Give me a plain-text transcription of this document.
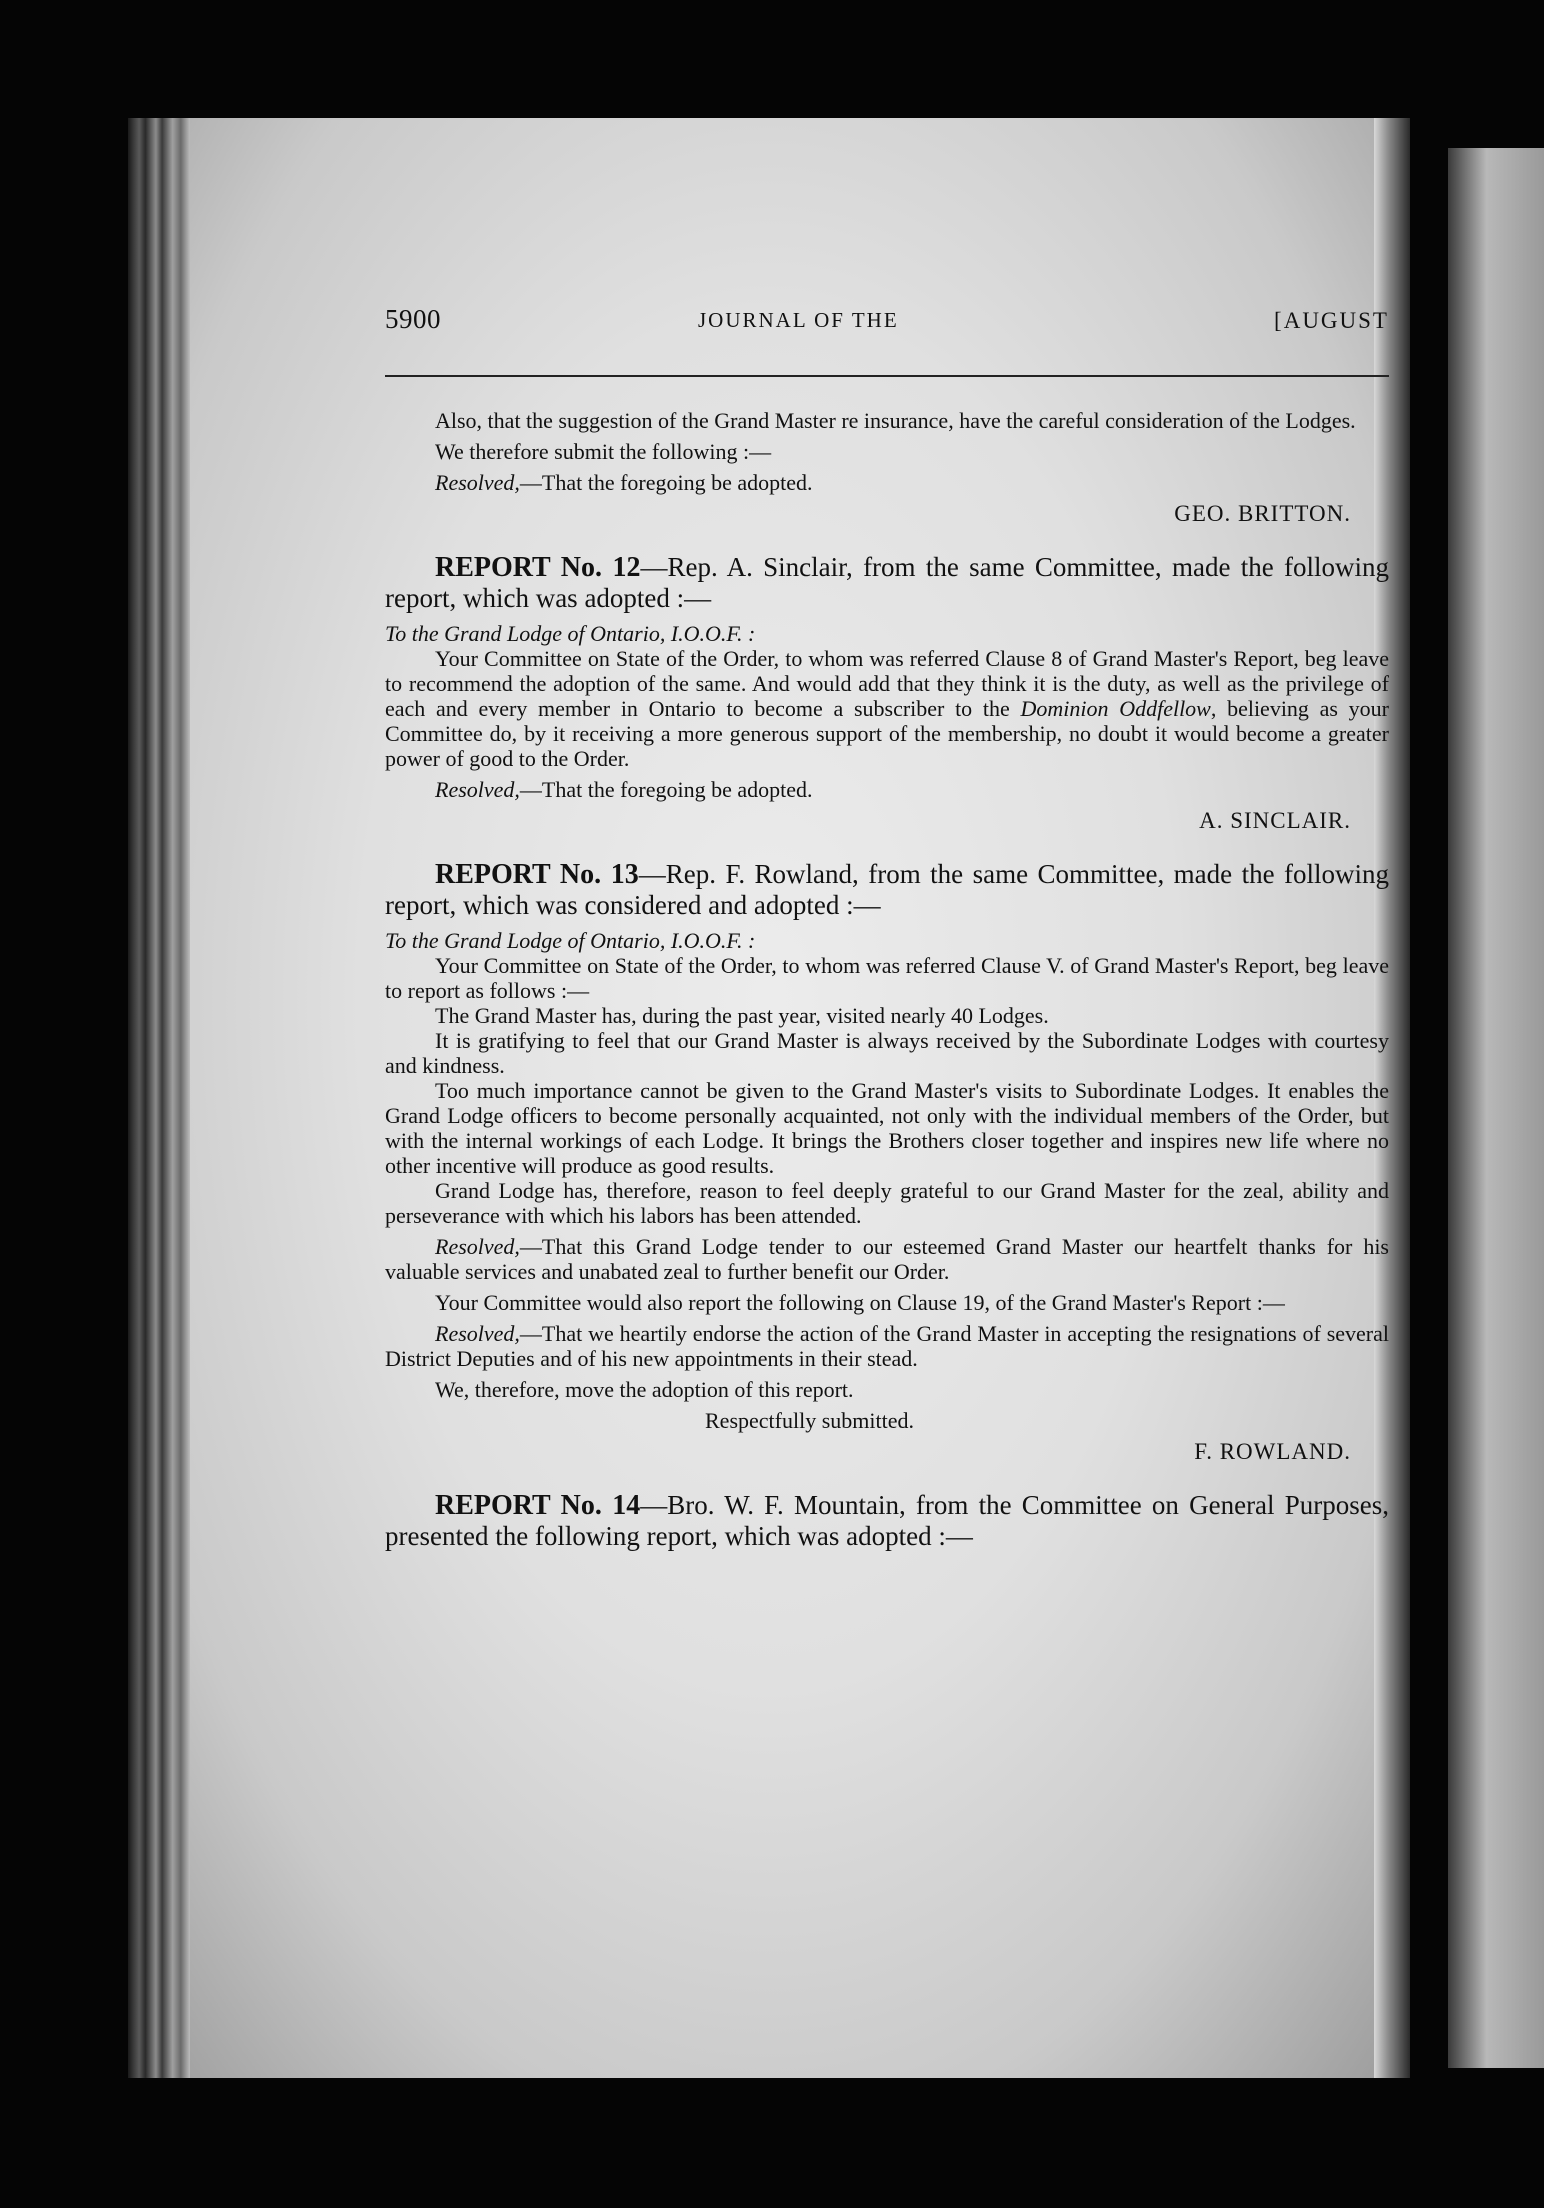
5900	JOURNAL OF THE	[AUGUST

Also, that the suggestion of the Grand Master re insurance, have the careful consideration of the Lodges.

We therefore submit the following :—

Resolved,—That the foregoing be adopted.

GEO. BRITTON.

REPORT No. 12—Rep. A. Sinclair, from the same Committee, made the following report, which was adopted :—

To the Grand Lodge of Ontario, I.O.O.F. :

Your Committee on State of the Order, to whom was referred Clause 8 of Grand Master's Report, beg leave to recommend the adoption of the same. And would add that they think it is the duty, as well as the privilege of each and every member in Ontario to become a subscriber to the Dominion Oddfellow, believing as your Committee do, by it receiving a more generous support of the membership, no doubt it would become a greater power of good to the Order.

Resolved,—That the foregoing be adopted.

A. SINCLAIR.

REPORT No. 13—Rep. F. Rowland, from the same Committee, made the following report, which was considered and adopted :—

To the Grand Lodge of Ontario, I.O.O.F. :

Your Committee on State of the Order, to whom was referred Clause V. of Grand Master's Report, beg leave to report as follows :—

The Grand Master has, during the past year, visited nearly 40 Lodges.

It is gratifying to feel that our Grand Master is always received by the Subordinate Lodges with courtesy and kindness.

Too much importance cannot be given to the Grand Master's visits to Subordinate Lodges. It enables the Grand Lodge officers to become personally acquainted, not only with the individual members of the Order, but with the internal workings of each Lodge. It brings the Brothers closer together and inspires new life where no other incentive will produce as good results.

Grand Lodge has, therefore, reason to feel deeply grateful to our Grand Master for the zeal, ability and perseverance with which his labors has been attended.

Resolved,—That this Grand Lodge tender to our esteemed Grand Master our heartfelt thanks for his valuable services and unabated zeal to further benefit our Order.

Your Committee would also report the following on Clause 19, of the Grand Master's Report :—

Resolved,—That we heartily endorse the action of the Grand Master in accepting the resignations of several District Deputies and of his new appointments in their stead.

We, therefore, move the adoption of this report.

Respectfully submitted.

F. ROWLAND.

REPORT No. 14—Bro. W. F. Mountain, from the Committee on General Purposes, presented the following report, which was adopted :—
